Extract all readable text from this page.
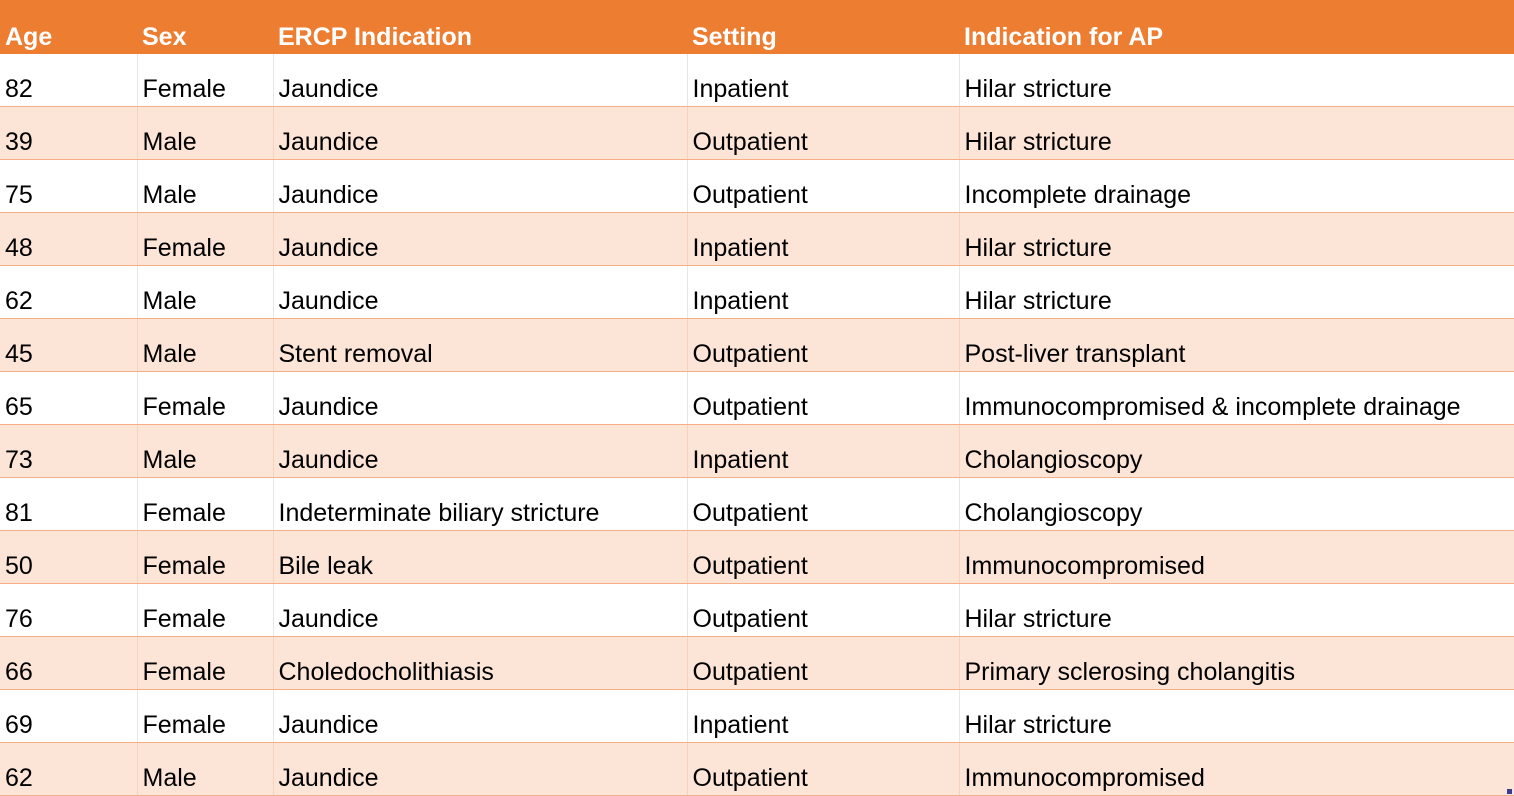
Age	Sex	ERCP Indication	Setting	Indication for AP
82	Female	Jaundice	Inpatient	Hilar stricture
39	Male	Jaundice	Outpatient	Hilar stricture
75	Male	Jaundice	Outpatient	Incomplete drainage
48	Female	Jaundice	Inpatient	Hilar stricture
62	Male	Jaundice	Inpatient	Hilar stricture
45	Male	Stent removal	Outpatient	Post-liver transplant
65	Female	Jaundice	Outpatient	Immunocompromised & incomplete drainage
73	Male	Jaundice	Inpatient	Cholangioscopy
81	Female	Indeterminate biliary stricture	Outpatient	Cholangioscopy
50	Female	Bile leak	Outpatient	Immunocompromised
76	Female	Jaundice	Outpatient	Hilar stricture
66	Female	Choledocholithiasis	Outpatient	Primary sclerosing cholangitis
69	Female	Jaundice	Inpatient	Hilar stricture
62	Male	Jaundice	Outpatient	Immunocompromised
